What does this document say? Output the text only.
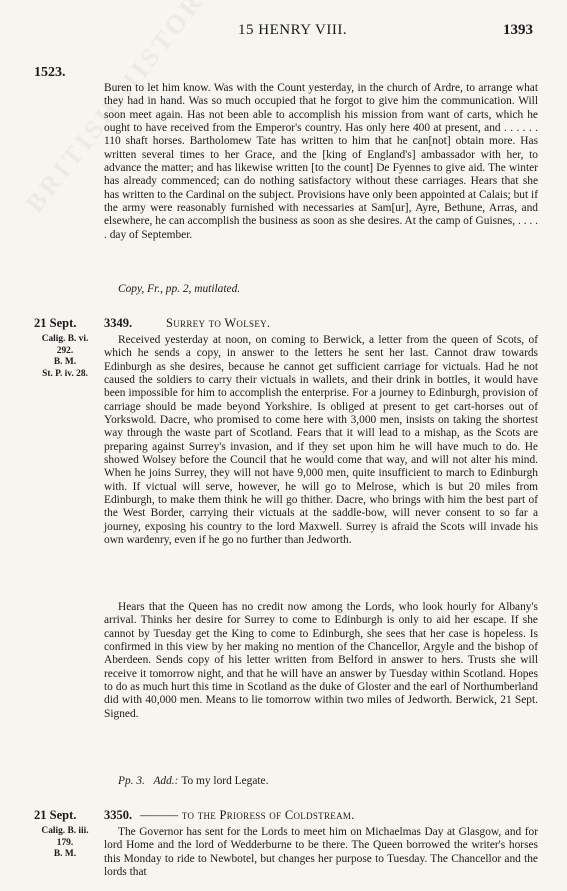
15 HENRY VIII.	1393
1523.

Buren to let him know. Was with the Count yesterday, in the church of Ardre, to arrange what they had in hand. Was so much occupied that he forgot to give him the communication. Will soon meet again. Has not been able to accomplish his mission from want of carts, which he ought to have received from the Emperor's country. Has only here 400 at present, and . . . . . . 110 shaft horses. Bartholomew Tate has written to him that he can[not] obtain more. Has written several times to her Grace, and the [king of England's] ambassador with her, to advance the matter; and has likewise written [to the count] De Fyennes to give aid. The winter has already commenced; can do nothing satisfactory without these carriages. Hears that she has written to the Cardinal on the subject. Provisions have only been appointed at Calais; but if the army were reasonably furnished with necessaries at Sam[ur], Ayre, Bethune, Arras, and elsewhere, he can accomplish the business as soon as she desires. At the camp of Guisnes, . . . . . day of September.

Copy, Fr., pp. 2, mutilated.

21 Sept. 3349.	Surrey to Wolsey.
Calig. B. vi.
292.
B. M.
St. P. iv. 28.

Received yesterday at noon, on coming to Berwick, a letter from the queen of Scots, of which he sends a copy, in answer to the letters he sent her last. Cannot draw towards Edinburgh as she desires, because he cannot get sufficient carriage for victuals. Had he not caused the soldiers to carry their victuals in wallets, and their drink in bottles, it would have been impossible for him to accomplish the enterprise. For a journey to Edinburgh, provision of carriage should be made beyond Yorkshire. Is obliged at present to get cart-horses out of Yorkswold. Dacre, who promised to come here with 3,000 men, insists on taking the shortest way through the waste part of Scotland. Fears that it will lead to a mishap, as the Scots are preparing against Surrey's invasion, and if they set upon him he will have much to do. He showed Wolsey before the Council that he would come that way, and will not alter his mind. When he joins Surrey, they will not have 9,000 men, quite insufficient to march to Edinburgh with. If victual will serve, however, he will go to Melrose, which is but 20 miles from Edinburgh, to make them think he will go thither. Dacre, who brings with him the best part of the West Border, carrying their victuals at the saddle-bow, will never consent to so far a journey, exposing his country to the lord Maxwell. Surrey is afraid the Scots will invade his own wardenry, even if he go no further than Jedworth.

Hears that the Queen has no credit now among the Lords, who look hourly for Albany's arrival. Thinks her desire for Surrey to come to Edinburgh is only to aid her escape. If she cannot by Tuesday get the King to come to Edinburgh, she sees that her case is hopeless. Is confirmed in this view by her making no mention of the Chancellor, Argyle and the bishop of Aberdeen. Sends copy of his letter written from Belford in answer to hers. Trusts she will receive it tomorrow night, and that he will have an answer by Tuesday within Scotland. Hopes to do as much hurt this time in Scotland as the duke of Gloster and the earl of Northumberland did with 40,000 men. Means to lie tomorrow within two miles of Jedworth. Berwick, 21 Sept. Signed.

Pp. 3. Add.: To my lord Legate.

21 Sept. 3350. ——— to the Prioress of Coldstream.
Calig. B. iii.
179.
B. M.

The Governor has sent for the Lords to meet him on Michaelmas Day at Glasgow, and for lord Home and the lord of Wedderburne to be there. The Queen borrowed the writer's horses this Monday to ride to Newbotel, but changes her purpose to Tuesday. The Chancellor and the lords that
